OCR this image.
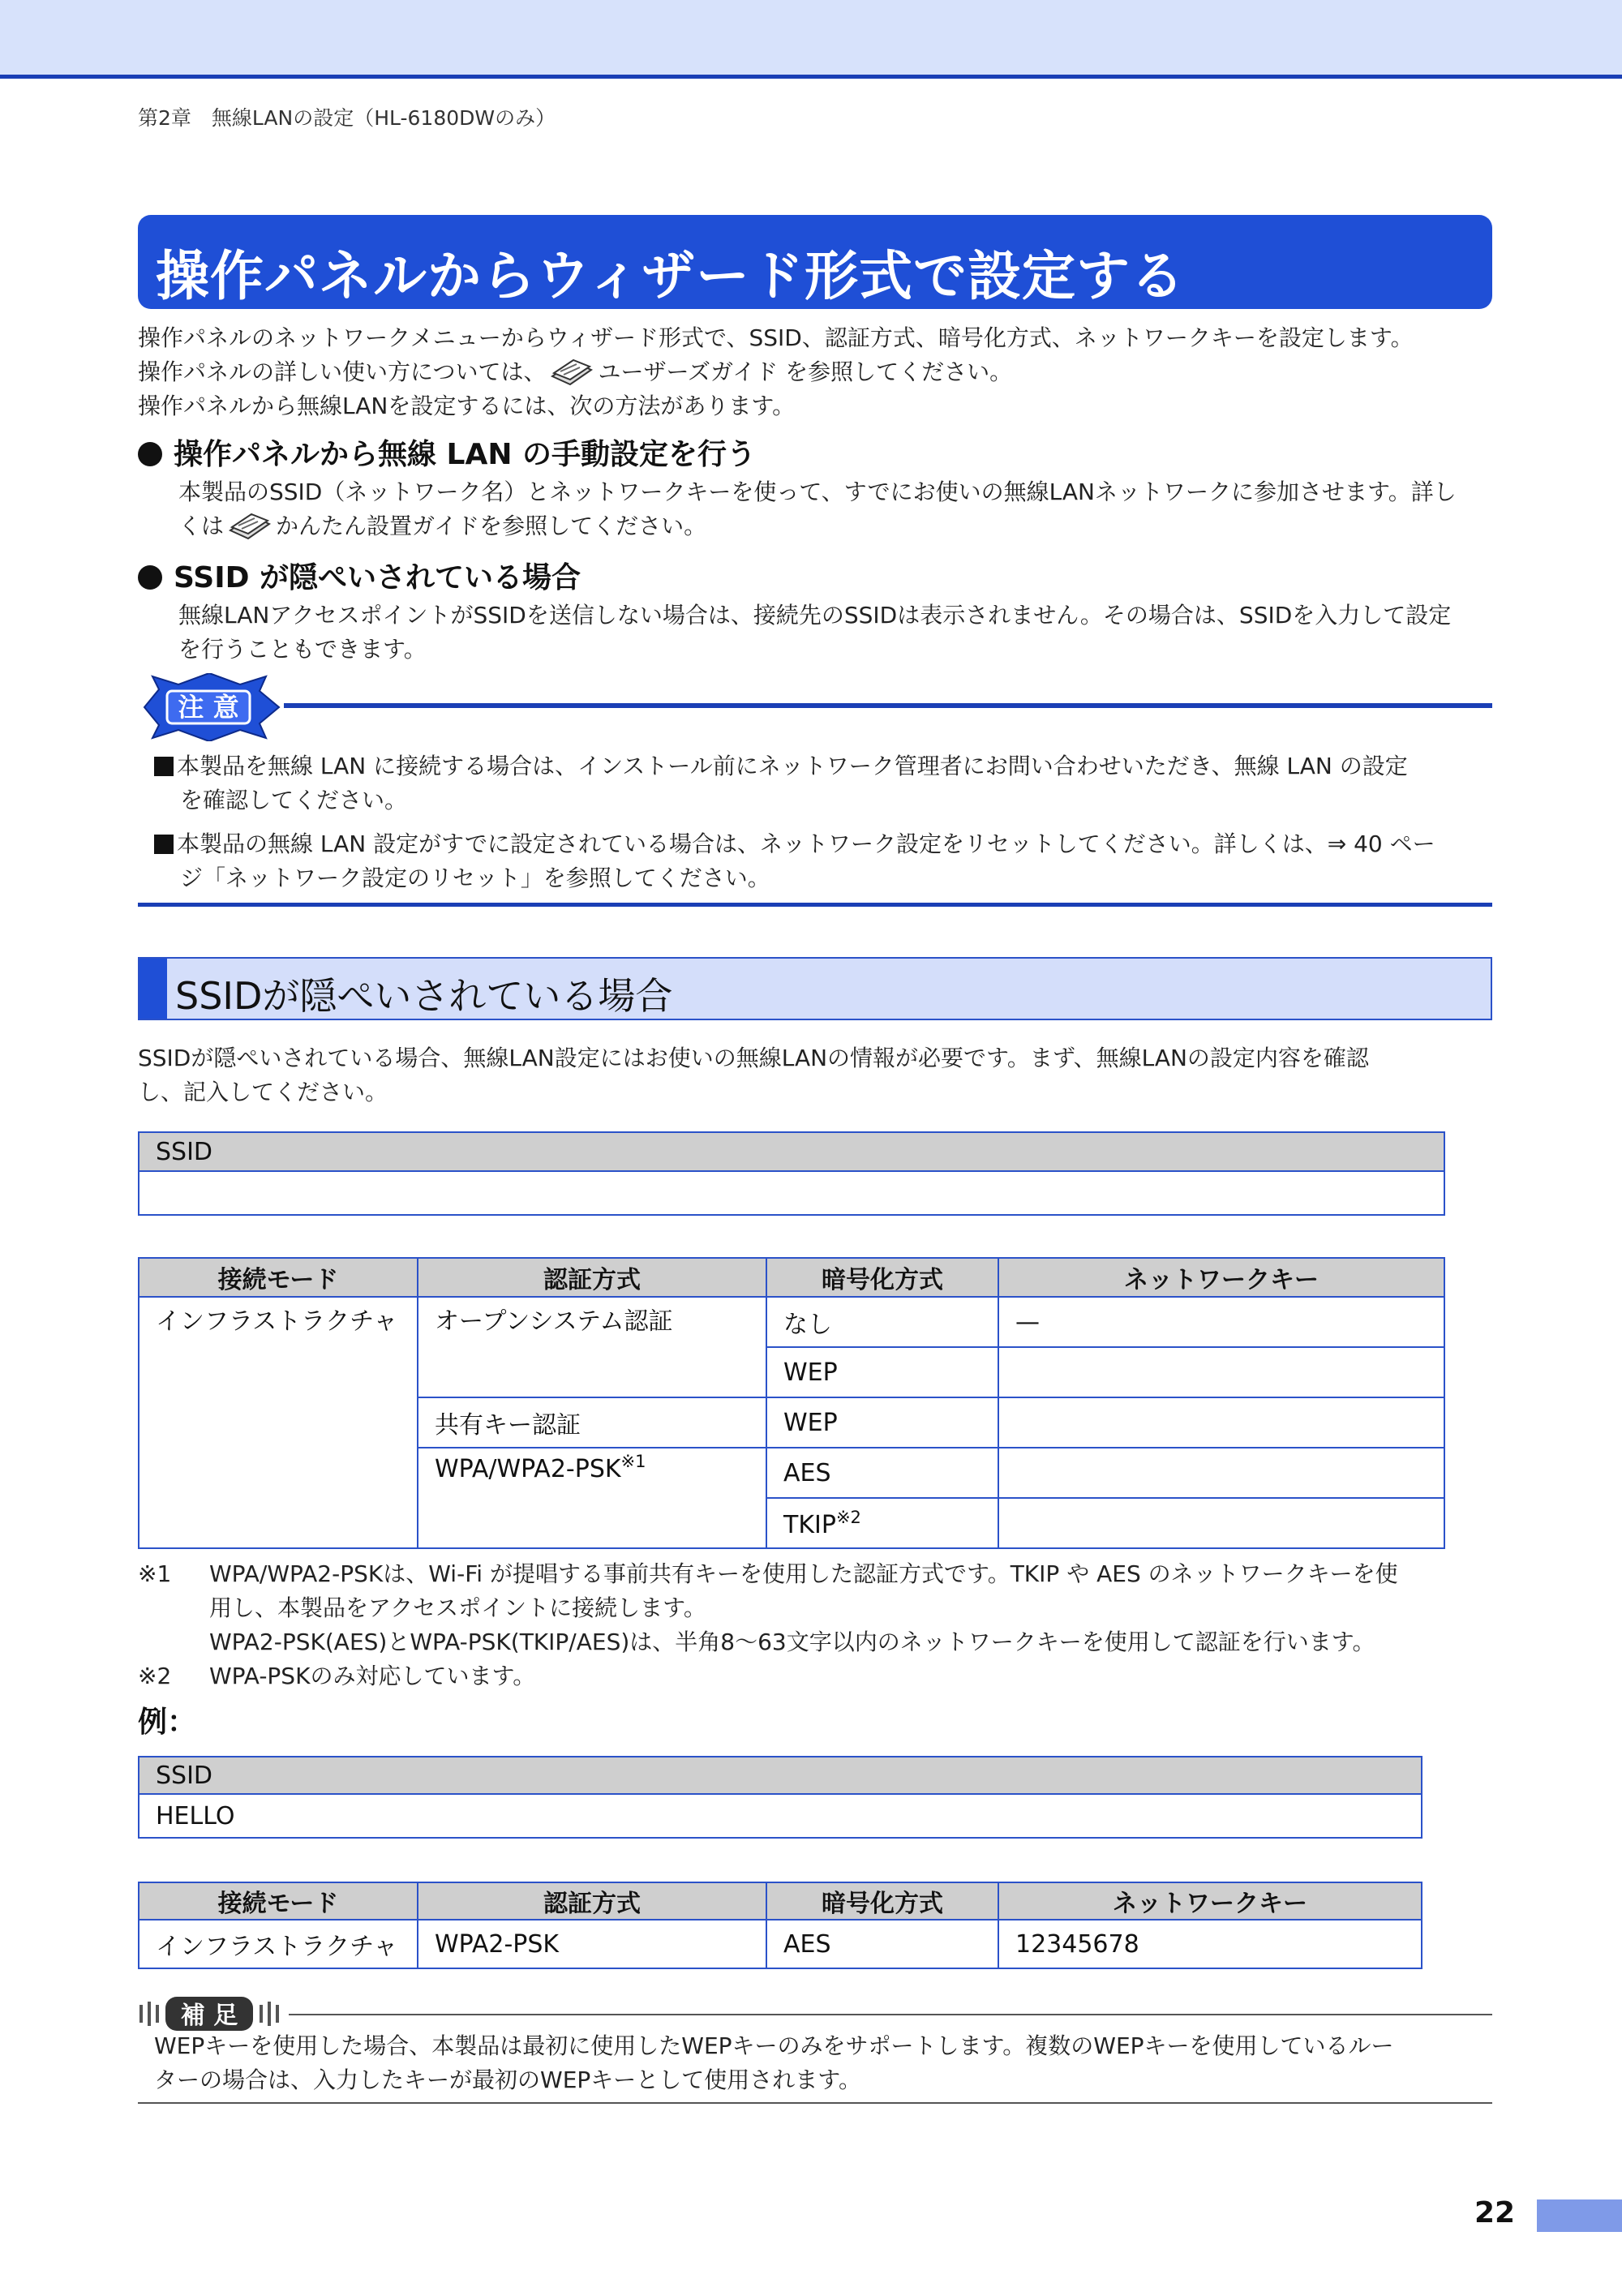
第2章　無線LANの設定（HL-6180DWのみ）
操作パネルからウィザード形式で設定する
操作パネルのネットワークメニューからウィザード形式で、SSID、認証方式、暗号化方式、ネットワークキーを設定します。
操作パネルの詳しい使い方については、 ユーザーズガイド を参照してください。
操作パネルから無線LANを設定するには、次の方法があります。
操作パネルから無線 LAN の手動設定を行う
本製品のSSID（ネットワーク名）とネットワークキーを使って、すでにお使いの無線LANネットワークに参加させます。詳し
くは かんたん設置ガイドを参照してください。
SSID が隠ぺいされている場合
無線LANアクセスポイントがSSIDを送信しない場合は、接続先のSSIDは表示されません。その場合は、SSIDを入力して設定
を行うこともできます。
注 意
本製品を無線 LAN に接続する場合は、インストール前にネットワーク管理者にお問い合わせいただき、無線 LAN の設定
を確認してください。
本製品の無線 LAN 設定がすでに設定されている場合は、ネットワーク設定をリセットしてください。詳しくは、⇒ 40 ペー
ジ「ネットワーク設定のリセット」を参照してください。
SSIDが隠ぺいされている場合
SSIDが隠ぺいされている場合、無線LAN設定にはお使いの無線LANの情報が必要です。まず、無線LANの設定内容を確認
し、記入してください。
SSID

接続モード	認証方式	暗号化方式	ネットワークキー
インフラストラクチャ	オープンシステム認証	なし	—
		WEP	
	共有キー認証	WEP	
	WPA/WPA2-PSK$^{※1}$	AES	
		TKIP$^{※2}$	
※1 WPA/WPA2-PSKは、Wi-Fi が提唱する事前共有キーを使用した認証方式です。TKIP や AES のネットワークキーを使
用し、本製品をアクセスポイントに接続します。
WPA2-PSK(AES)とWPA-PSK(TKIP/AES)は、半角8～63文字以内のネットワークキーを使用して認証を行います。
※2 WPA-PSKのみ対応しています。
例：
SSID
HELLO
接続モード	認証方式	暗号化方式	ネットワークキー
インフラストラクチャ	WPA2-PSK	AES	12345678
補 足
WEPキーを使用した場合、本製品は最初に使用したWEPキーのみをサポートします。複数のWEPキーを使用しているルー
ターの場合は、入力したキーが最初のWEPキーとして使用されます。
22
